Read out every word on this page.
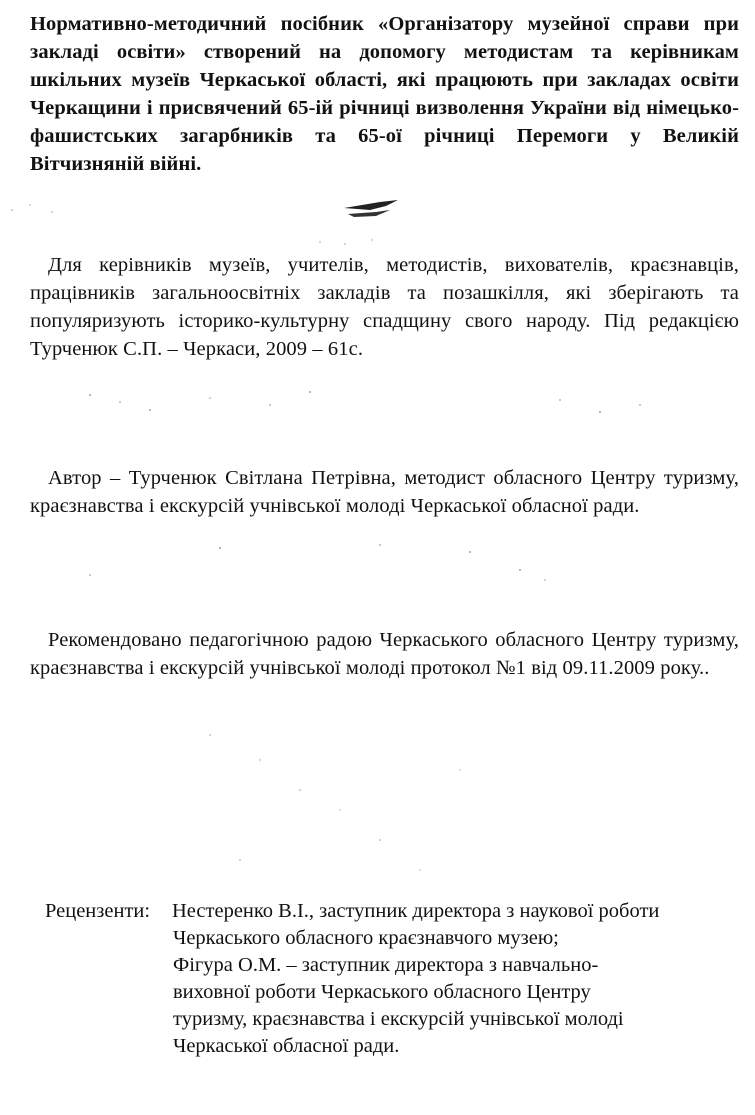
Нормативно-методичний посібник «Організатору музейної справи при закладі освіти» створений на допомогу методистам та керівникам шкільних музеїв Черкаської області, які працюють при закладах освіти Черкащини і присвячений 65-ій річниці визволення України від німецько-фашистських загарбників та 65-ої річниці Перемоги у Великій Вітчизняній війні.
Для керівників музеїв, учителів, методистів, вихователів, краєзнавців, працівників загальноосвітніх закладів та позашкілля, які зберігають та популяризують історико-культурну спадщину свого народу. Під редакцією Турченюк С.П. – Черкаси, 2009 – 61с.
Автор – Турченюк Світлана Петрівна, методист обласного Центру туризму, краєзнавства і екскурсій учнівської молоді Черкаської обласної ради.
Рекомендовано педагогічною радою Черкаського обласного Центру туризму, краєзнавства і екскурсій учнівської молоді протокол №1 від 09.11.2009 року..
Рецензенти: Нестеренко В.І., заступник директора з наукової роботи
Черкаського обласного краєзнавчого музею;
Фігура О.М. – заступник директора з навчально-
виховної роботи Черкаського обласного Центру
туризму, краєзнавства і екскурсій учнівської молоді
Черкаської обласної ради.
